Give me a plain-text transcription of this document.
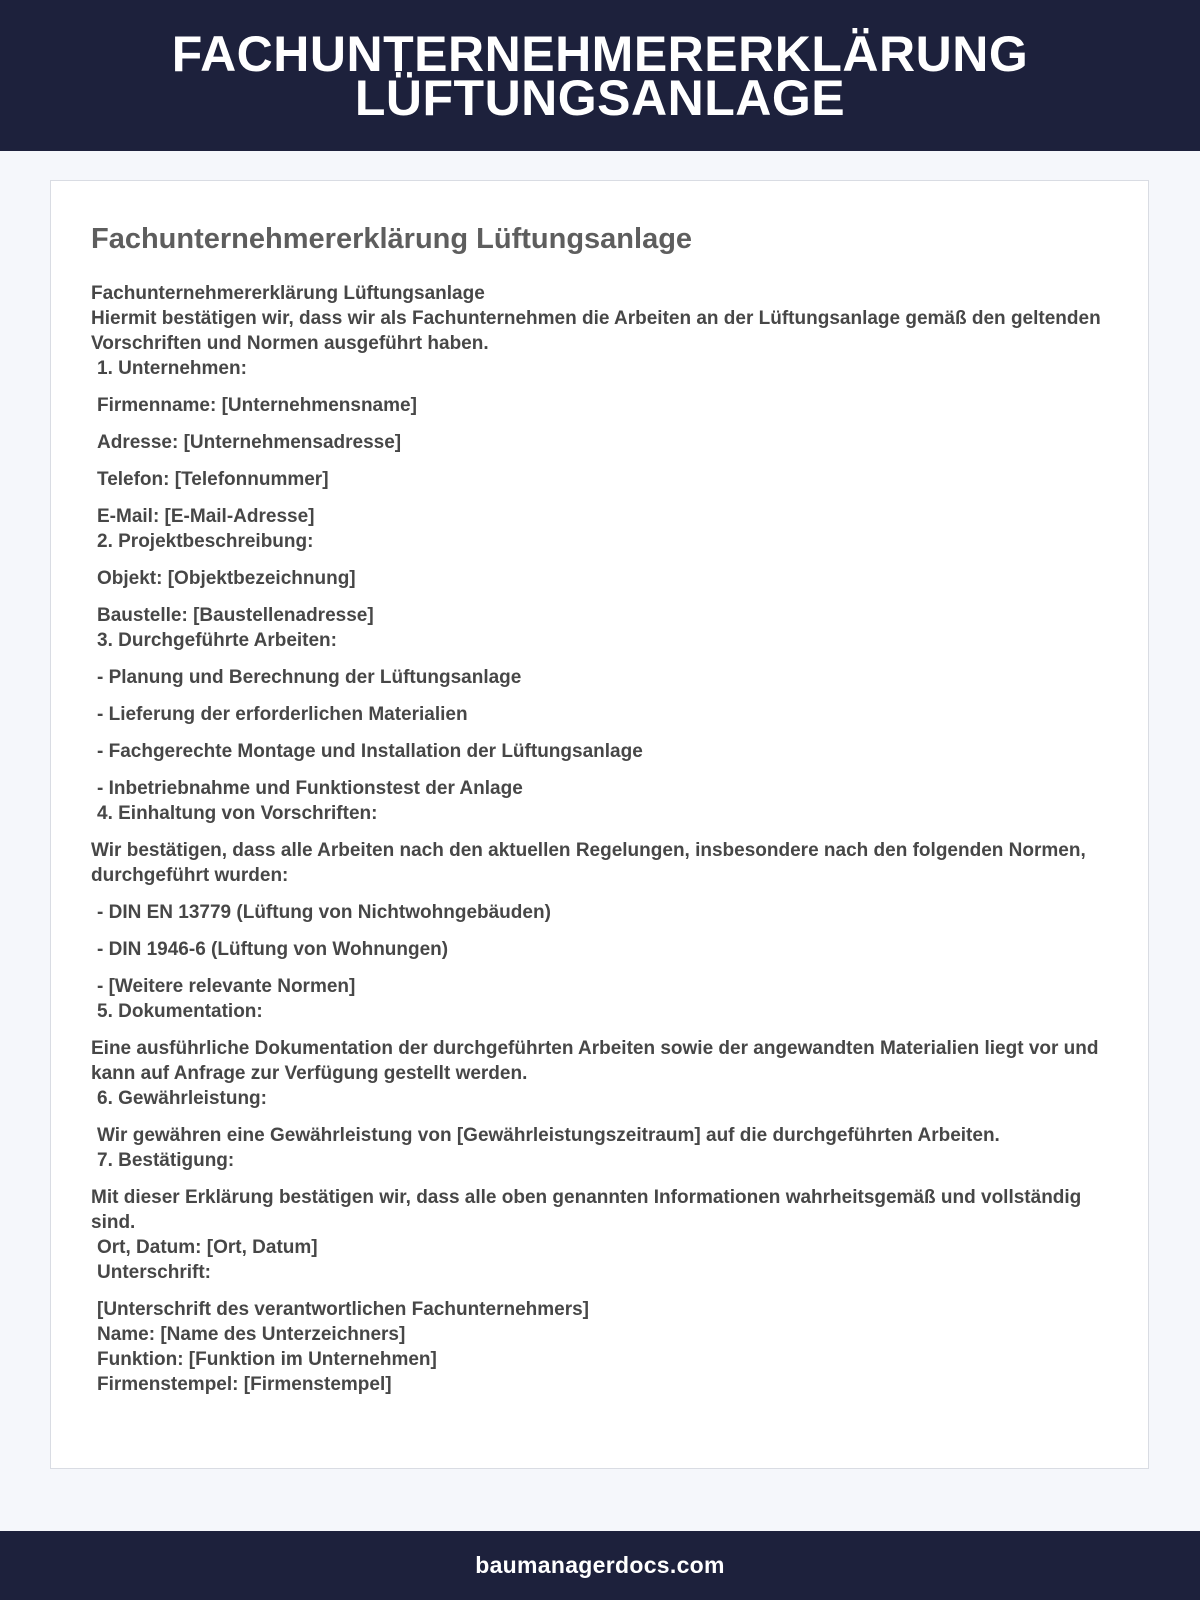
FACHUNTERNEHMERERKLÄRUNG
LÜFTUNGSANLAGE
Fachunternehmererklärung Lüftungsanlage
Fachunternehmererklärung Lüftungsanlage
Hiermit bestätigen wir, dass wir als Fachunternehmen die Arbeiten an der Lüftungsanlage gemäß den geltenden Vorschriften und Normen ausgeführt haben.
1. Unternehmen:
Firmenname: [Unternehmensname]
Adresse: [Unternehmensadresse]
Telefon: [Telefonnummer]
E-Mail: [E-Mail-Adresse]
2. Projektbeschreibung:
Objekt: [Objektbezeichnung]
Baustelle: [Baustellenadresse]
3. Durchgeführte Arbeiten:
- Planung und Berechnung der Lüftungsanlage
- Lieferung der erforderlichen Materialien
- Fachgerechte Montage und Installation der Lüftungsanlage
- Inbetriebnahme und Funktionstest der Anlage
4. Einhaltung von Vorschriften:
Wir bestätigen, dass alle Arbeiten nach den aktuellen Regelungen, insbesondere nach den folgenden Normen, durchgeführt wurden:
- DIN EN 13779 (Lüftung von Nichtwohngebäuden)
- DIN 1946-6 (Lüftung von Wohnungen)
- [Weitere relevante Normen]
5. Dokumentation:
Eine ausführliche Dokumentation der durchgeführten Arbeiten sowie der angewandten Materialien liegt vor und kann auf Anfrage zur Verfügung gestellt werden.
6. Gewährleistung:
Wir gewähren eine Gewährleistung von [Gewährleistungszeitraum] auf die durchgeführten Arbeiten.
7. Bestätigung:
Mit dieser Erklärung bestätigen wir, dass alle oben genannten Informationen wahrheitsgemäß und vollständig sind.
Ort, Datum: [Ort, Datum]
Unterschrift:
[Unterschrift des verantwortlichen Fachunternehmers]
Name: [Name des Unterzeichners]
Funktion: [Funktion im Unternehmen]
Firmenstempel: [Firmenstempel]
baumanagerdocs.com
